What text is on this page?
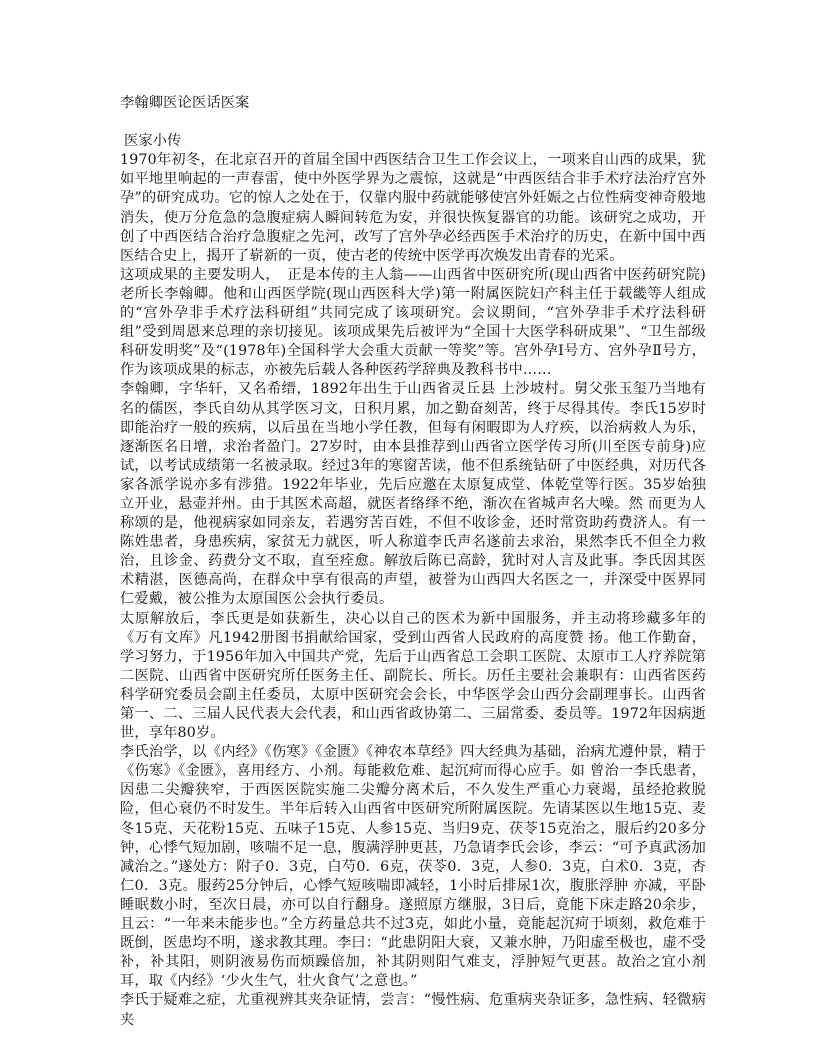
李翰卿医论医话医案

医家小传

1970年初冬，在北京召开的首届全国中西医结合卫生工作会议上，一项来自山西的成果，犹如平地里响起的一声春雷，使中外医学界为之震惊，这就是“中西医结合非手术疗法治疗宫外孕”的研究成功。它的惊人之处在于，仅靠内服中药就能够使宫外妊娠之占位性病变神奇般地消失，使万分危急的急腹症病人瞬间转危为安，并很快恢复器官的功能。该研究之成功，开创了中西医结合治疗急腹症之先河，改写了宫外孕必经西医手术治疗的历史，在新中国中西医结合史上，揭开了崭新的一页，使古老的传统中医学再次焕发出青春的光采。

这项成果的主要发明人，　正是本传的主人翁——山西省中医研究所(现山西省中医药研究院)老所长李翰卿。他和山西医学院(现山西医科大学)第一附属医院妇产科主任于载畿等人组成的“宫外孕非手术疗法科研组”共同完成了该项研究。会议期间，“宫外孕非手术疗法科研组”受到周恩来总理的亲切接见。该项成果先后被评为“全国十大医学科研成果”、“卫生部级科研发明奖”及“(1978年)全国科学大会重大贡献一等奖”等。宫外孕Ⅰ号方、宫外孕Ⅱ号方，作为该项成果的标志，亦被先后载人各种医药学辞典及教科书中……

李翰卿，字华轩，又名希缙，1892年出生于山西省灵丘县 上沙坡村。舅父张玉玺乃当地有名的儒医，李氏自幼从其学医习文，日积月累，加之勤奋刻苦，终于尽得其传。李氏15岁时即能治疗一般的疾病，以后虽在当地小学任教，但每有闲暇即为人疗疾，以治病救人为乐，逐渐医名日增，求治者盈门。27岁时，由本县推荐到山西省立医学传习所(川至医专前身)应试，以考试成绩第一名被录取。经过3年的寒窗苦读，他不但系统钻研了中医经典，对历代各家各派学说亦多有涉猎。1922年毕业，先后应邀在太原复成堂、体乾堂等行医。35岁始独立开业，悬壶并州。由于其医术高超，就医者络绎不绝，渐次在省城声名大噪。然 而更为人称颂的是，他视病家如同亲友，若遇穷苦百姓，不但不收诊金，还时常资助药费济人。有一陈姓患者，身患疾病，家贫无力就医，听人称道李氏声名遂前去求治，果然李氏不但全力救治，且诊金、药费分文不取，直至痊愈。解放后陈已高龄，犹时对人言及此事。李氏因其医术精湛，医德高尚，在群众中享有很高的声望，被誉为山西四大名医之一，并深受中医界同仁爱戴，被公推为太原国医公会执行委员。

太原解放后，李氏更是如获新生，决心以自己的医术为新中国服务，并主动将珍藏多年的《万有文库》凡1942册图书捐献给国家，受到山西省人民政府的高度赞 扬。他工作勤奋，学习努力，于1956年加入中国共产党，先后于山西省总工会职工医院、太原市工人疗养院第二医院、山西省中医研究所任医务主任、副院长、所长。历任主要社会兼职有：山西省医药科学研究委员会副主任委员，太原中医研究会会长，中华医学会山西分会副理事长。山西省第一、二、三届人民代表大会代表，和山西省政协第二、三届常委、委员等。1972年因病逝世，享年80岁。

李氏治学，以《内经》《伤寒》《金匮》《神农本草经》四大经典为基础，治病尤遵仲景，精于《伤寒》《金匮》，喜用经方、小剂。每能救危难、起沉疴而得心应手。如 曾治一李氏患者，因患二尖瓣狭窄，于西医医院实施二尖瓣分离术后，不久发生严重心力衰竭，虽经抢救脱险，但心衰仍不时发生。半年后转入山西省中医研究所附属医院。先请某医以生地15克、麦冬15克、天花粉15克、五味子15克、人参15克、当归9克、茯苓15克治之，服后约20多分钟，心悸气短加剧，咳喘不足一息，腹满浮肿更甚，乃急请李氏会诊，李云：“可予真武汤加减治之。”遂处方：附子0．3克，白芍0．6克，茯苓0．3克，人参0．3克，白术0．3克，杏仁0．3克。服药25分钟后，心悸气短咳喘即减轻，1小时后排尿1次，腹胀浮肿 亦减，平卧睡眠数小时，至次日晨，亦可以自行翻身。遂照原方继服，3日后，竟能下床走路20余步，且云：“一年来未能步也。”全方药量总共不过3克，如此小量，竟能起沉疴于顷刻，救危难于既倒，医患均不明，遂求教其理。李曰：“此患阴阳大衰，又兼水肿，乃阳虚至极也，虚不受补，补其阳，则阴液易伤而烦躁倍加，补其阴则阳气难支，浮肿短气更甚。故治之宜小剂耳，取《内经》‘少火生气，壮火食气’之意也。”

李氏于疑难之症，尤重视辨其夹杂证情，尝言：“慢性病、危重病夹杂证多，急性病、轻微病夹
